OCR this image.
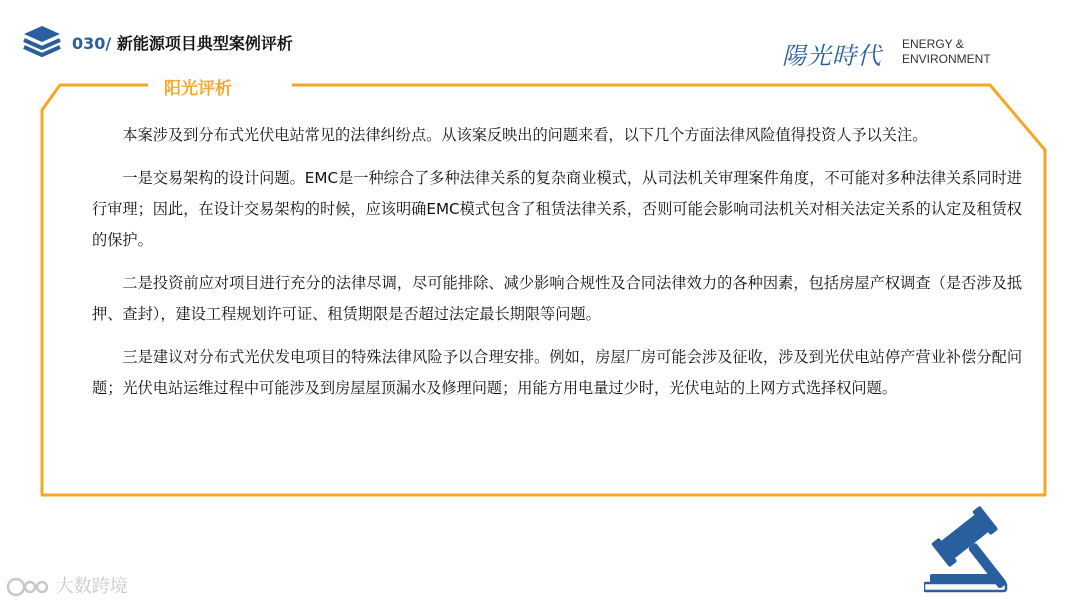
030/ 新能源项目典型案例评析	陽光時代 ENERGY &
ENVIRONMENT
阳光评析

本案涉及到分布式光伏电站常见的法律纠纷点。从该案反映出的问题来看，以下几个方面法律风险值得投资人予以关注。

一是交易架构的设计问题。EMC是一种综合了多种法律关系的复杂商业模式，从司法机关审理案件角度，不可能对多种法律关系同时进行审理；因此，在设计交易架构的时候，应该明确EMC模式包含了租赁法律关系，否则可能会影响司法机关对相关法定关系的认定及租赁权的保护。

二是投资前应对项目进行充分的法律尽调，尽可能排除、减少影响合规性及合同法律效力的各种因素，包括房屋产权调查（是否涉及抵押、查封），建设工程规划许可证、租赁期限是否超过法定最长期限等问题。

三是建议对分布式光伏发电项目的特殊法律风险予以合理安排。例如，房屋厂房可能会涉及征收，涉及到光伏电站停产营业补偿分配问题；光伏电站运维过程中可能涉及到房屋屋顶漏水及修理问题；用能方用电量过少时，光伏电站的上网方式选择权问题。

大数跨境
